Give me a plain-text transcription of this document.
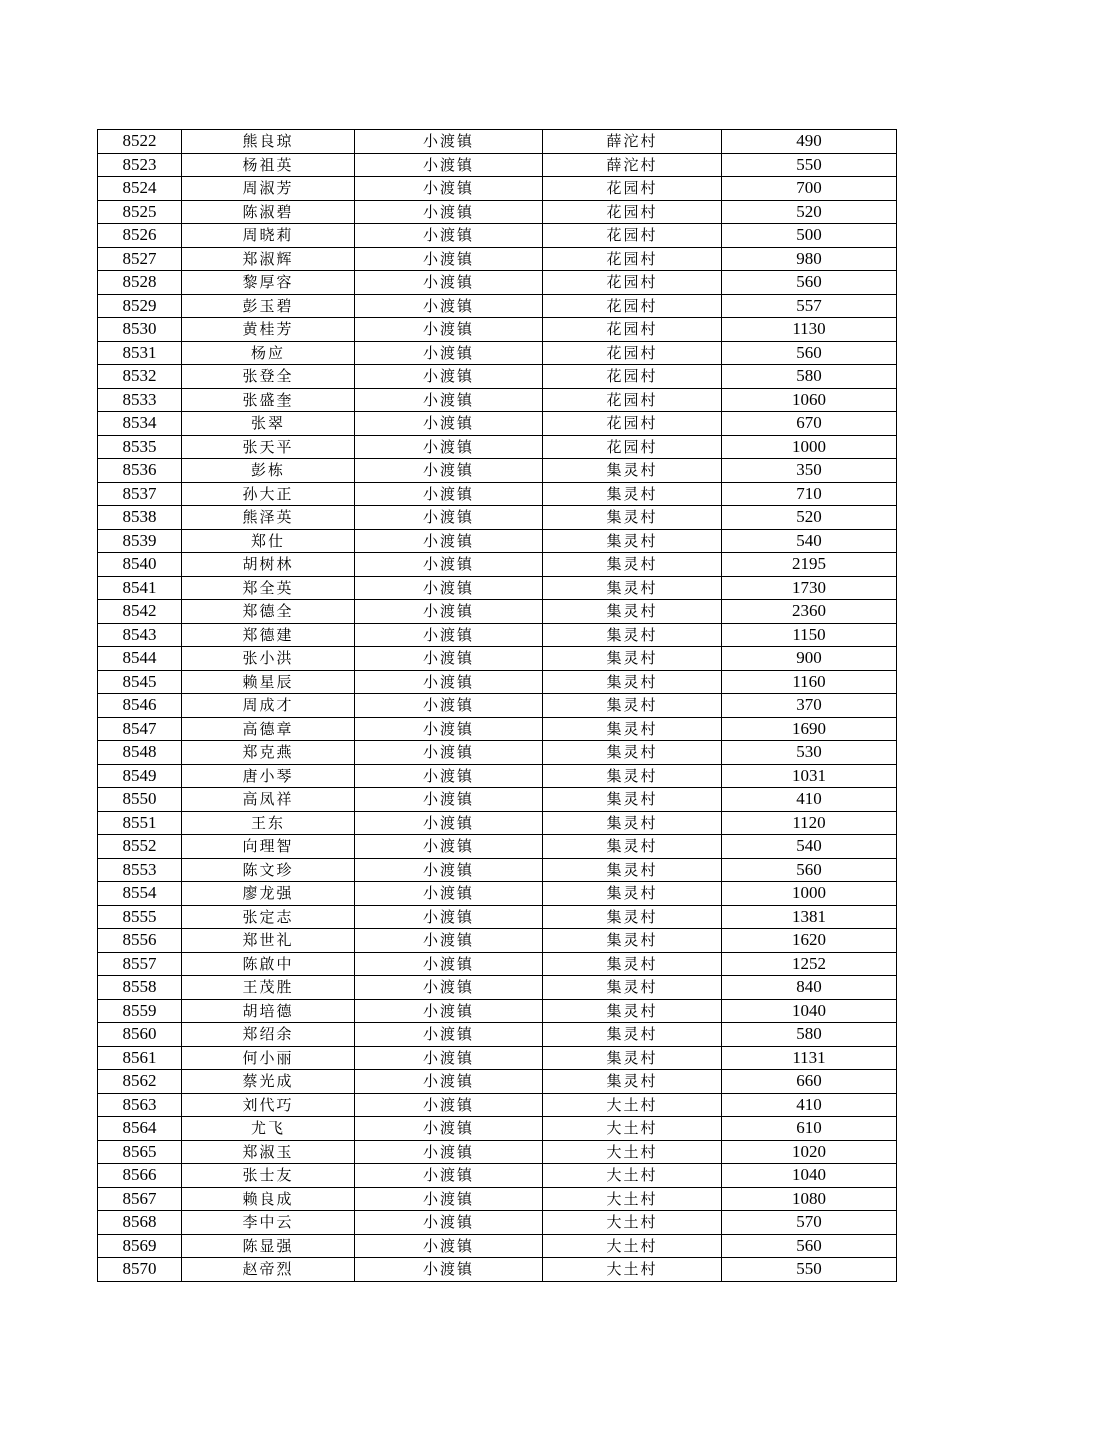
8522	熊良琼	小渡镇	薛沱村	490
8523	杨祖英	小渡镇	薛沱村	550
8524	周淑芳	小渡镇	花园村	700
8525	陈淑碧	小渡镇	花园村	520
8526	周晓莉	小渡镇	花园村	500
8527	郑淑辉	小渡镇	花园村	980
8528	黎厚容	小渡镇	花园村	560
8529	彭玉碧	小渡镇	花园村	557
8530	黄桂芳	小渡镇	花园村	1130
8531	杨应	小渡镇	花园村	560
8532	张登全	小渡镇	花园村	580
8533	张盛奎	小渡镇	花园村	1060
8534	张翠	小渡镇	花园村	670
8535	张天平	小渡镇	花园村	1000
8536	彭栋	小渡镇	集灵村	350
8537	孙大正	小渡镇	集灵村	710
8538	熊泽英	小渡镇	集灵村	520
8539	郑仕	小渡镇	集灵村	540
8540	胡树林	小渡镇	集灵村	2195
8541	郑全英	小渡镇	集灵村	1730
8542	郑德全	小渡镇	集灵村	2360
8543	郑德建	小渡镇	集灵村	1150
8544	张小洪	小渡镇	集灵村	900
8545	赖星辰	小渡镇	集灵村	1160
8546	周成才	小渡镇	集灵村	370
8547	高德章	小渡镇	集灵村	1690
8548	郑克燕	小渡镇	集灵村	530
8549	唐小琴	小渡镇	集灵村	1031
8550	高凤祥	小渡镇	集灵村	410
8551	王东	小渡镇	集灵村	1120
8552	向理智	小渡镇	集灵村	540
8553	陈文珍	小渡镇	集灵村	560
8554	廖龙强	小渡镇	集灵村	1000
8555	张定志	小渡镇	集灵村	1381
8556	郑世礼	小渡镇	集灵村	1620
8557	陈啟中	小渡镇	集灵村	1252
8558	王茂胜	小渡镇	集灵村	840
8559	胡培德	小渡镇	集灵村	1040
8560	郑绍余	小渡镇	集灵村	580
8561	何小丽	小渡镇	集灵村	1131
8562	蔡光成	小渡镇	集灵村	660
8563	刘代巧	小渡镇	大土村	410
8564	尤飞	小渡镇	大土村	610
8565	郑淑玉	小渡镇	大土村	1020
8566	张士友	小渡镇	大土村	1040
8567	赖良成	小渡镇	大土村	1080
8568	李中云	小渡镇	大土村	570
8569	陈显强	小渡镇	大土村	560
8570	赵帝烈	小渡镇	大土村	550
